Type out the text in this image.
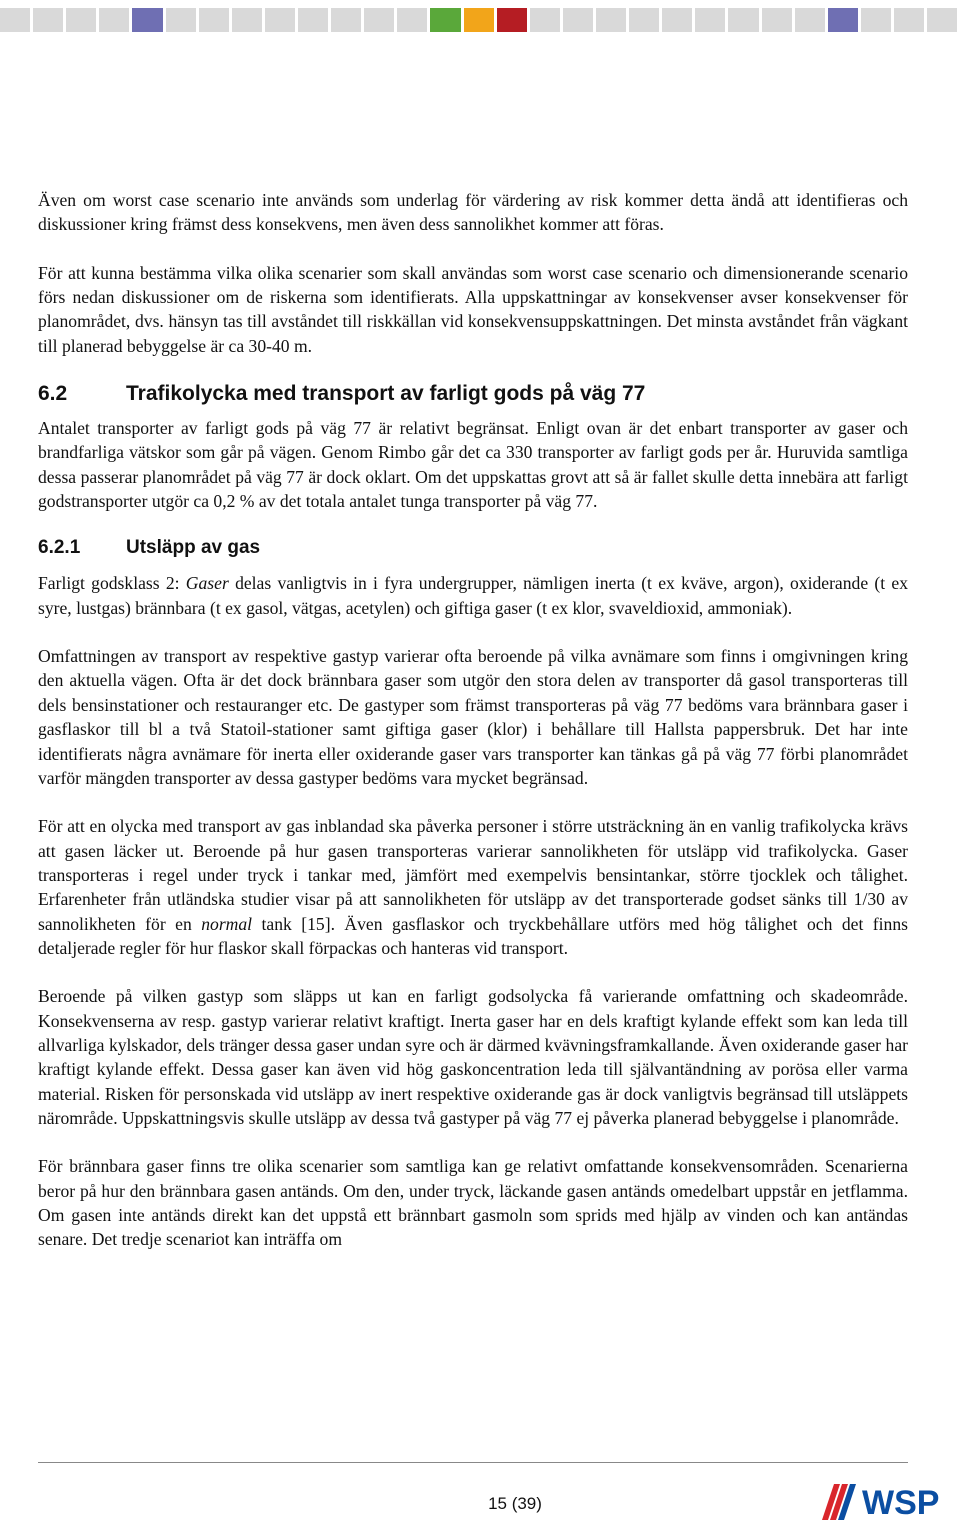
Även om worst case scenario inte används som underlag för värdering av risk kommer detta ändå att identifieras och diskussioner kring främst dess konsekvens, men även dess sannolikhet kommer att föras.

För att kunna bestämma vilka olika scenarier som skall användas som worst case scenario och dimensionerande scenario förs nedan diskussioner om de riskerna som identifierats. Alla uppskattningar av konsekvenser avser konsekvenser för planområdet, dvs. hänsyn tas till avståndet till riskkällan vid konsekvensuppskattningen. Det minsta avståndet från vägkant till planerad bebyggelse är ca 30-40 m.

6.2	Trafikolycka med transport av farligt gods på väg 77

Antalet transporter av farligt gods på väg 77 är relativt begränsat. Enligt ovan är det enbart transporter av gaser och brandfarliga vätskor som går på vägen. Genom Rimbo går det ca 330 transporter av farligt gods per år. Huruvida samtliga dessa passerar planområdet på väg 77 är dock oklart. Om det uppskattas grovt att så är fallet skulle detta innebära att farligt godstransporter utgör ca 0,2 % av det totala antalet tunga transporter på väg 77.

6.2.1	Utsläpp av gas

Farligt godsklass 2: Gaser delas vanligtvis in i fyra undergrupper, nämligen inerta (t ex kväve, argon), oxiderande (t ex syre, lustgas) brännbara (t ex gasol, vätgas, acetylen) och giftiga gaser (t ex klor, svaveldioxid, ammoniak).

Omfattningen av transport av respektive gastyp varierar ofta beroende på vilka avnämare som finns i omgivningen kring den aktuella vägen. Ofta är det dock brännbara gaser som utgör den stora delen av transporter då gasol transporteras till dels bensinstationer och restauranger etc. De gastyper som främst transporteras på väg 77 bedöms vara brännbara gaser i gasflaskor till bl a två Statoil-stationer samt giftiga gaser (klor) i behållare till Hallsta pappersbruk. Det har inte identifierats några avnämare för inerta eller oxiderande gaser vars transporter kan tänkas gå på väg 77 förbi planområdet varför mängden transporter av dessa gastyper bedöms vara mycket begränsad.

För att en olycka med transport av gas inblandad ska påverka personer i större utsträckning än en vanlig trafikolycka krävs att gasen läcker ut. Beroende på hur gasen transporteras varierar sannolikheten för utsläpp vid trafikolycka. Gaser transporteras i regel under tryck i tankar med, jämfört med exempelvis bensintankar, större tjocklek och tålighet. Erfarenheter från utländska studier visar på att sannolikheten för utsläpp av det transporterade godset sänks till 1/30 av sannolikheten för en normal tank [15]. Även gasflaskor och tryckbehållare utförs med hög tålighet och det finns detaljerade regler för hur flaskor skall förpackas och hanteras vid transport.

Beroende på vilken gastyp som släpps ut kan en farligt godsolycka få varierande omfattning och skadeområde. Konsekvenserna av resp. gastyp varierar relativt kraftigt. Inerta gaser har en dels kraftigt kylande effekt som kan leda till allvarliga kylskador, dels tränger dessa gaser undan syre och är därmed kvävningsframkallande. Även oxiderande gaser har kraftigt kylande effekt. Dessa gaser kan även vid hög gaskoncentration leda till självantändning av porösa eller varma material. Risken för personskada vid utsläpp av inert respektive oxiderande gas är dock vanligtvis begränsad till utsläppets närområde. Uppskattningsvis skulle utsläpp av dessa två gastyper på väg 77 ej påverka planerad bebyggelse i planområde.

För brännbara gaser finns tre olika scenarier som samtliga kan ge relativt omfattande konsekvensområden. Scenarierna beror på hur den brännbara gasen antänds. Om den, under tryck, läckande gasen antänds omedelbart uppstår en jetflamma. Om gasen inte antänds direkt kan det uppstå ett brännbart gasmoln som sprids med hjälp av vinden och kan antändas senare. Det tredje scenariot kan inträffa om

15 (39)	WSP
